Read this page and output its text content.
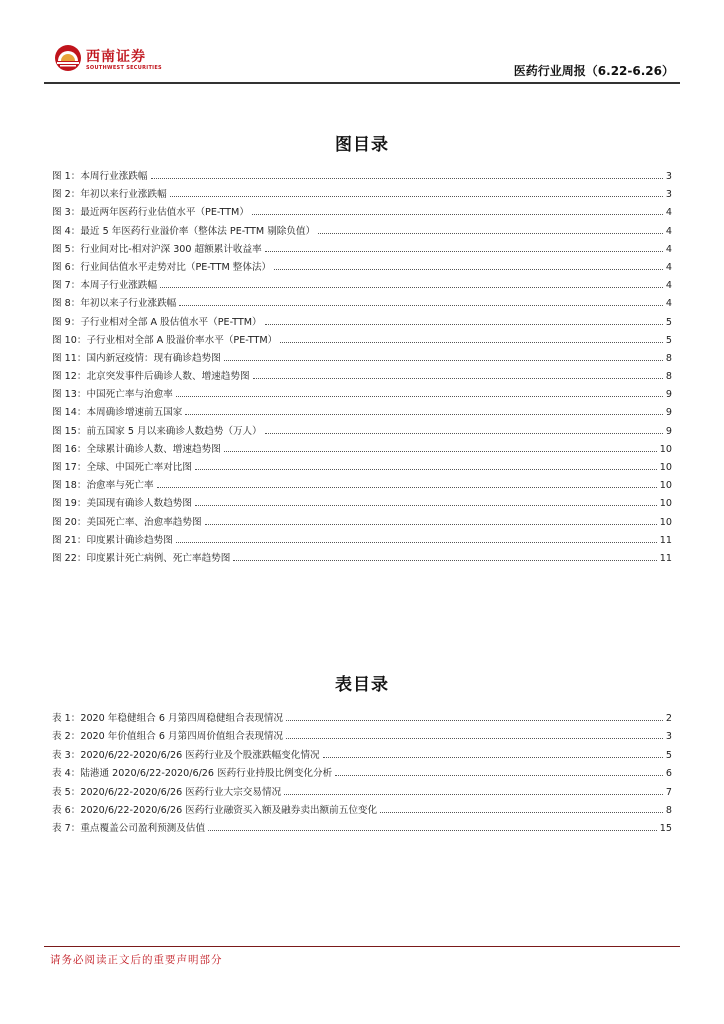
西南证券
SOUTHWEST SECURITIES	医药行业周报（6.22-6.26）
图目录
图 1：本周行业涨跌幅	3
图 2：年初以来行业涨跌幅	3
图 3：最近两年医药行业估值水平（PE-TTM）	4
图 4：最近 5 年医药行业溢价率（整体法 PE-TTM 剔除负值）	4
图 5：行业间对比-相对沪深 300 超额累计收益率	4
图 6：行业间估值水平走势对比（PE-TTM 整体法）	4
图 7：本周子行业涨跌幅	4
图 8：年初以来子行业涨跌幅	4
图 9：子行业相对全部 A 股估值水平（PE-TTM）	5
图 10：子行业相对全部 A 股溢价率水平（PE-TTM）	5
图 11：国内新冠疫情：现有确诊趋势图	8
图 12：北京突发事件后确诊人数、增速趋势图	8
图 13：中国死亡率与治愈率	9
图 14：本周确诊增速前五国家	9
图 15：前五国家 5 月以来确诊人数趋势（万人）	9
图 16：全球累计确诊人数、增速趋势图	10
图 17：全球、中国死亡率对比图	10
图 18：治愈率与死亡率	10
图 19：美国现有确诊人数趋势图	10
图 20：美国死亡率、治愈率趋势图	10
图 21：印度累计确诊趋势图	11
图 22：印度累计死亡病例、死亡率趋势图	11
表目录
表 1：2020 年稳健组合 6 月第四周稳健组合表现情况	2
表 2：2020 年价值组合 6 月第四周价值组合表现情况	3
表 3：2020/6/22-2020/6/26 医药行业及个股涨跌幅变化情况	5
表 4：陆港通 2020/6/22-2020/6/26 医药行业持股比例变化分析	6
表 5：2020/6/22-2020/6/26 医药行业大宗交易情况	7
表 6：2020/6/22-2020/6/26 医药行业融资买入额及融券卖出额前五位变化	8
表 7：重点覆盖公司盈利预测及估值	15
请务必阅读正文后的重要声明部分
